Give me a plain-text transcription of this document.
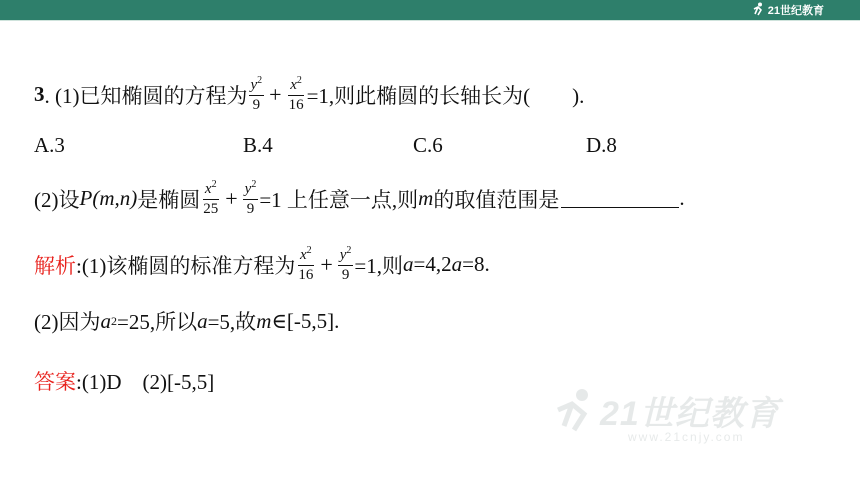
21世纪教育
3 . (1)已知椭圆的方程为 $\frac{y^2}{9} + \frac{x^2}{16} =1$,则此椭圆的长轴长为(　　).
A.3	B.4	C.6	D.8
(2)设 P (m,n) 是椭圆 $\frac{x^2}{25} + \frac{y^2}{9} =1$ 上任意一点,则 m 的取值范围是	.
解析 :(1)该椭圆的标准方程为 $\frac{x^2}{16} + \frac{y^2}{9} =1$,则 a =4,2 a =8.
(2)因为 a 2 =25,所以 a =5,故 m ∈[-5,5].
答案 :(1)D　(2)[-5,5]
21世纪教育
www.21cnjy.com
